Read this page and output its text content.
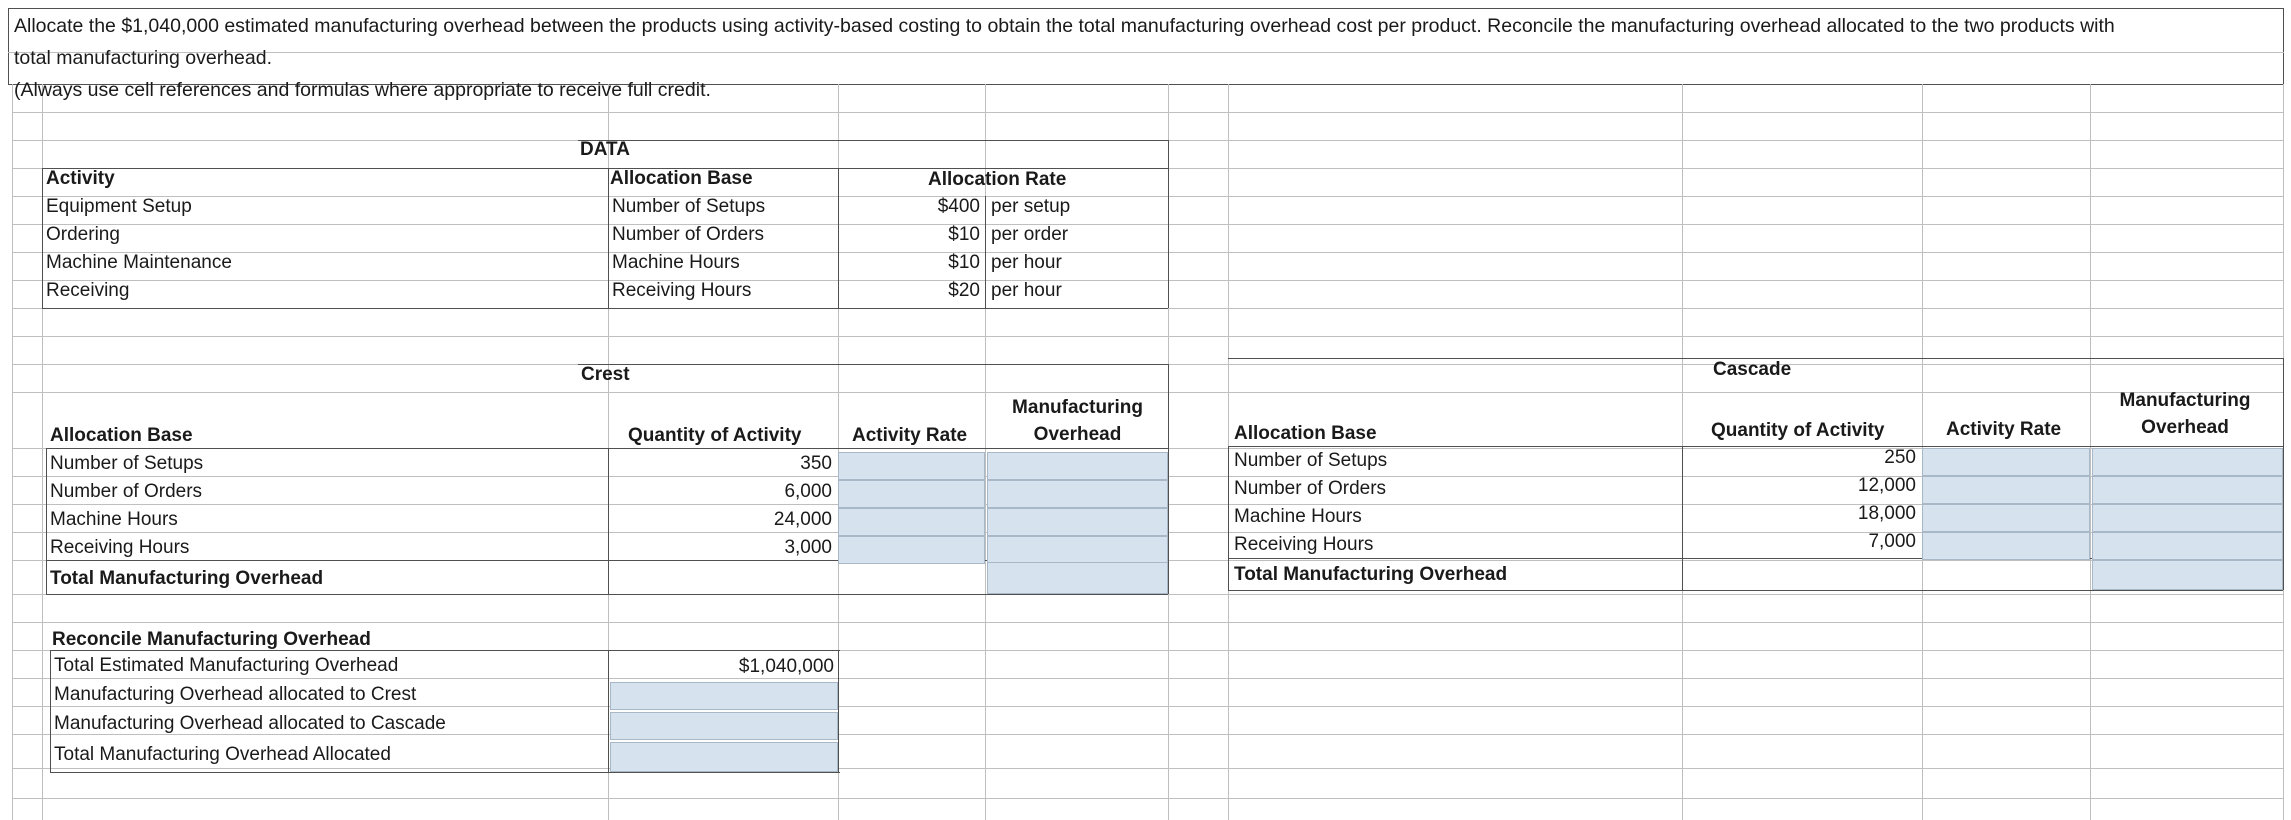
Allocate the $1,040,000 estimated manufacturing overhead between the products using activity-based costing to obtain the total manufacturing overhead cost per product. Reconcile the manufacturing overhead allocated to the two products with
total manufacturing overhead.
(Always use cell references and formulas where appropriate to receive full credit.
DATA
Activity	Allocation Base	Allocation Rate
Equipment Setup	Number of Setups	$400 per setup
Ordering	Number of Orders	$10 per order
Machine Maintenance	Machine Hours	$10 per hour
Receiving	Receiving Hours	$20 per hour
Crest
Allocation Base	Quantity of Activity	Activity Rate
Manufacturing
Overhead
Number of Setups	350
Number of Orders	6,000
Machine Hours	24,000
Receiving Hours	3,000
Total Manufacturing Overhead
Cascade
Allocation Base	Quantity of Activity	Activity Rate
Manufacturing
Overhead
Number of Setups	250
Number of Orders	12,000
Machine Hours	18,000
Receiving Hours	7,000
Total Manufacturing Overhead
Reconcile Manufacturing Overhead
Total Estimated Manufacturing Overhead	$1,040,000
Manufacturing Overhead allocated to Crest
Manufacturing Overhead allocated to Cascade
Total Manufacturing Overhead Allocated
